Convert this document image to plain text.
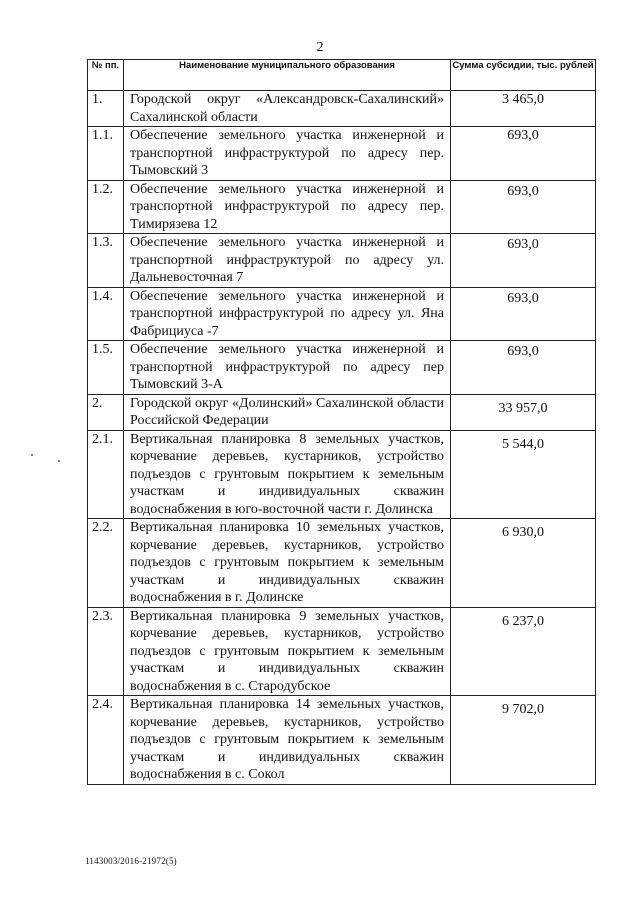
2
№ пп.	Наименование муниципального образования	Сумма субсидии, тыс. рублей
1.	Городской округ «Александровск-Сахалинский» Сахалинской области	3 465,0
1.1.	Обеспечение земельного участка инженерной и транспортной инфраструктурой по адресу пер. Тымовский 3	693,0
1.2.	Обеспечение земельного участка инженерной и транспортной инфраструктурой по адресу пер. Тимирязева 12	693,0
1.3.	Обеспечение земельного участка инженерной и транспортной инфраструктурой по адресу ул. Дальневосточная 7	693,0
1.4.	Обеспечение земельного участка инженерной и транспортной инфраструктурой по адресу ул. Яна Фабрициуса -7	693,0
1.5.	Обеспечение земельного участка инженерной и транспортной инфраструктурой по адресу пер Тымовский 3-А	693,0
2.	Городской округ «Долинский» Сахалинской области Российской Федерации	33 957,0
2.1.	Вертикальная планировка 8 земельных участков, корчевание деревьев, кустарников, устройство подъездов с грунтовым покрытием к земельным участкам и индивидуальных скважин водоснабжения в юго-восточной части г. Долинска	5 544,0
2.2.	Вертикальная планировка 10 земельных участков, корчевание деревьев, кустарников, устройство подъездов с грунтовым покрытием к земельным участкам и индивидуальных скважин водоснабжения в г. Долинске	6 930,0
2.3.	Вертикальная планировка 9 земельных участков, корчевание деревьев, кустарников, устройство подъездов с грунтовым покрытием к земельным участкам и индивидуальных скважин водоснабжения в с. Стародубское	6 237,0
2.4.	Вертикальная планировка 14 земельных участков, корчевание деревьев, кустарников, устройство подъездов с грунтовым покрытием к земельным участкам и индивидуальных скважин водоснабжения в с. Сокол	9 702,0
1143003/2016-21972(5)
